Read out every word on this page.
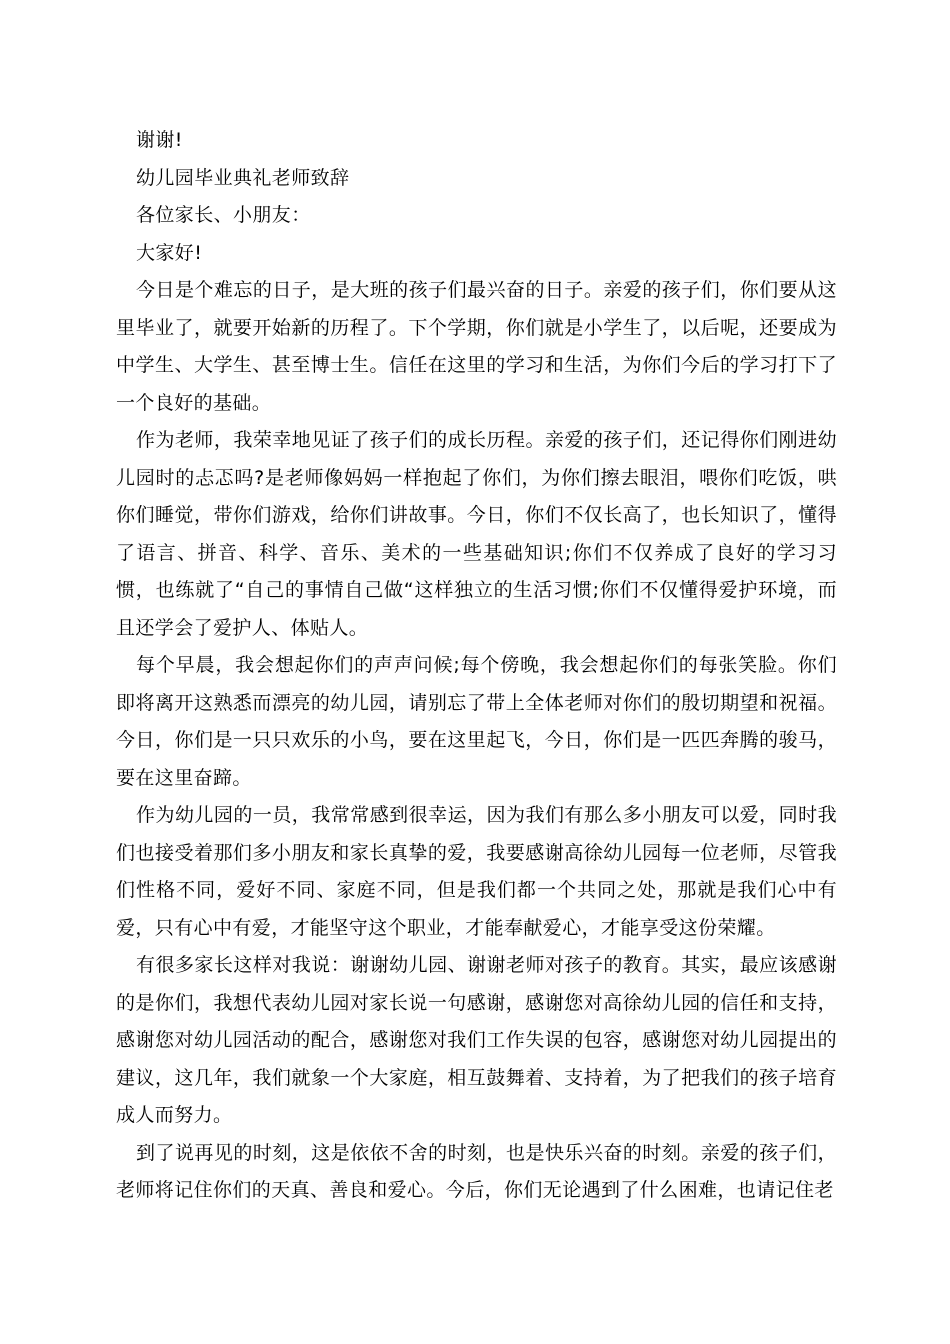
谢谢!

幼儿园毕业典礼老师致辞

各位家长、小朋友：

大家好!

今日是个难忘的日子，是大班的孩子们最兴奋的日子。亲爱的孩子们，你们要从这里毕业了，就要开始新的历程了。下个学期，你们就是小学生了，以后呢，还要成为中学生、大学生、甚至博士生。信任在这里的学习和生活，为你们今后的学习打下了一个良好的基础。

作为老师，我荣幸地见证了孩子们的成长历程。亲爱的孩子们，还记得你们刚进幼儿园时的忐忑吗?是老师像妈妈一样抱起了你们，为你们擦去眼泪，喂你们吃饭，哄你们睡觉，带你们游戏，给你们讲故事。今日，你们不仅长高了，也长知识了，懂得了语言、拼音、科学、音乐、美术的一些基础知识;你们不仅养成了良好的学习习惯，也练就了“自己的事情自己做“这样独立的生活习惯;你们不仅懂得爱护环境，而且还学会了爱护人、体贴人。

每个早晨，我会想起你们的声声问候;每个傍晚，我会想起你们的每张笑脸。你们即将离开这熟悉而漂亮的幼儿园，请别忘了带上全体老师对你们的殷切期望和祝福。今日，你们是一只只欢乐的小鸟，要在这里起飞，今日，你们是一匹匹奔腾的骏马，要在这里奋蹄。

作为幼儿园的一员，我常常感到很幸运，因为我们有那么多小朋友可以爱，同时我们也接受着那们多小朋友和家长真挚的爱，我要感谢高徐幼儿园每一位老师，尽管我们性格不同，爱好不同、家庭不同，但是我们都一个共同之处，那就是我们心中有爱，只有心中有爱，才能坚守这个职业，才能奉献爱心，才能享受这份荣耀。

有很多家长这样对我说：谢谢幼儿园、谢谢老师对孩子的教育。其实，最应该感谢的是你们，我想代表幼儿园对家长说一句感谢，感谢您对高徐幼儿园的信任和支持，感谢您对幼儿园活动的配合，感谢您对我们工作失误的包容，感谢您对幼儿园提出的建议，这几年，我们就象一个大家庭，相互鼓舞着、支持着，为了把我们的孩子培育成人而努力。

到了说再见的时刻，这是依依不舍的时刻，也是快乐兴奋的时刻。亲爱的孩子们，老师将记住你们的天真、善良和爱心。今后，你们无论遇到了什么困难，也请记住老
